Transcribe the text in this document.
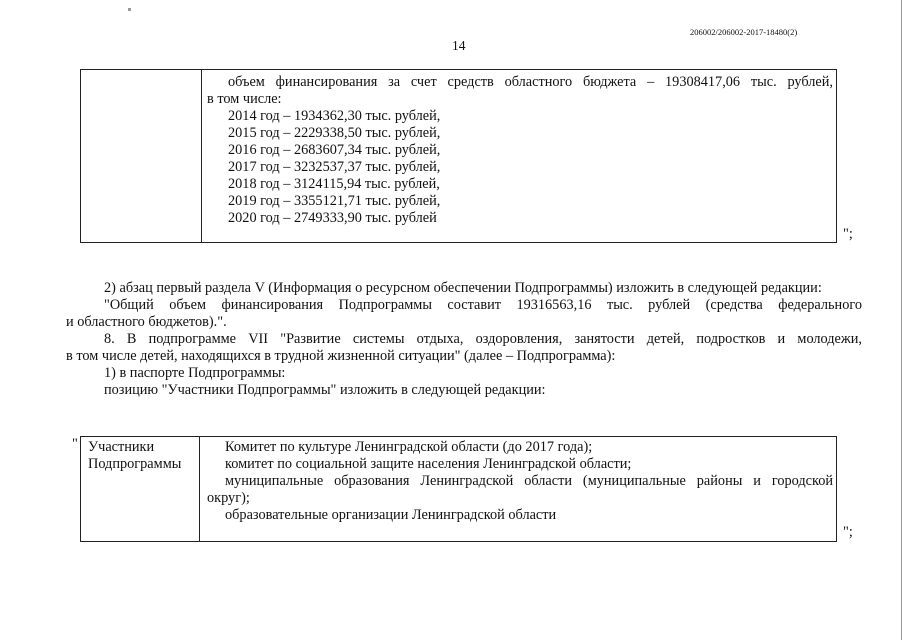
206002/206002-2017-18480(2)
14
объем финансирования за счет средств областного бюджета – 19308417,06 тыс. рублей,
в том числе:
2014 год – 1934362,30 тыс. рублей,
2015 год – 2229338,50 тыс. рублей,
2016 год – 2683607,34 тыс. рублей,
2017 год – 3232537,37 тыс. рублей,
2018 год – 3124115,94 тыс. рублей,
2019 год – 3355121,71 тыс. рублей,
2020 год – 2749333,90 тыс. рублей
";
2) абзац первый раздела V (Информация о ресурсном обеспечении Подпрограммы) изложить в следующей редакции:
"Общий объем финансирования Подпрограммы составит 19316563,16 тыс. рублей (средства федерального
и областного бюджетов).".
8. В подпрограмме VII "Развитие системы отдыха, оздоровления, занятости детей, подростков и молодежи,
в том числе детей, находящихся в трудной жизненной ситуации" (далее – Подпрограмма):
1) в паспорте Подпрограммы:
позицию "Участники Подпрограммы" изложить в следующей редакции:
" Участники
Подпрограммы
Комитет по культуре Ленинградской области (до 2017 года);
комитет по социальной защите населения Ленинградской области;
муниципальные образования Ленинградской области (муниципальные районы и городской
округ);
образовательные организации Ленинградской области
";
